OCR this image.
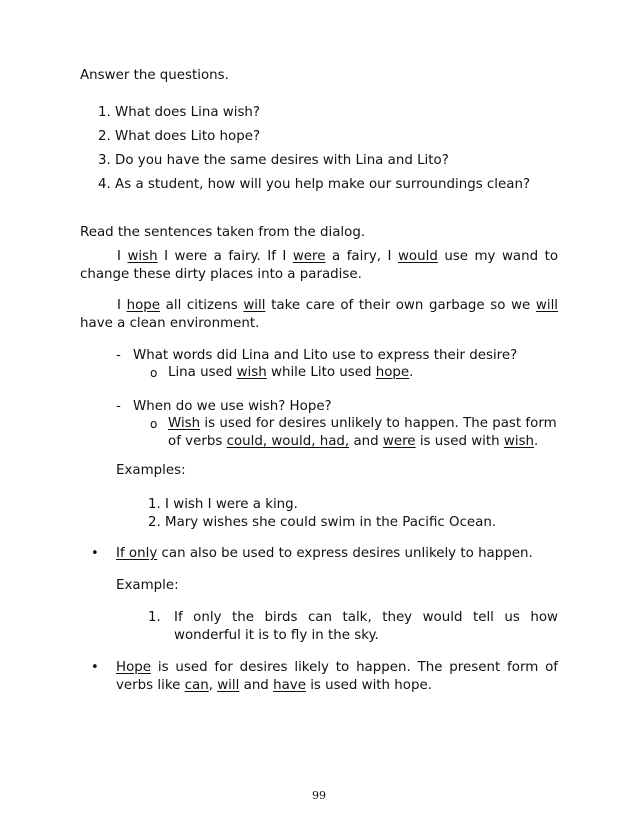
Answer the questions.
1. What does Lina wish?
2. What does Lito hope?
3. Do you have the same desires with Lina and Lito?
4. As a student, how will you help make our surroundings clean?
Read the sentences taken from the dialog.
I wish I were a fairy. If I were a fairy, I would use my wand to
change these dirty places into a paradise.
I hope all citizens will take care of their own garbage so we will
have a clean environment.
- What words did Lina and Lito use to express their desire?
o Lina used wish while Lito used hope.
- When do we use wish? Hope?
o Wish is used for desires unlikely to happen. The past form
of verbs could, would, had, and were is used with wish.
Examples:
1. I wish I were a king.
2. Mary wishes she could swim in the Pacific Ocean.
• If only can also be used to express desires unlikely to happen.
Example:
1. If only the birds can talk, they would tell us how
wonderful it is to fly in the sky.
• Hope is used for desires likely to happen. The present form of
verbs like can, will and have is used with hope.
99
